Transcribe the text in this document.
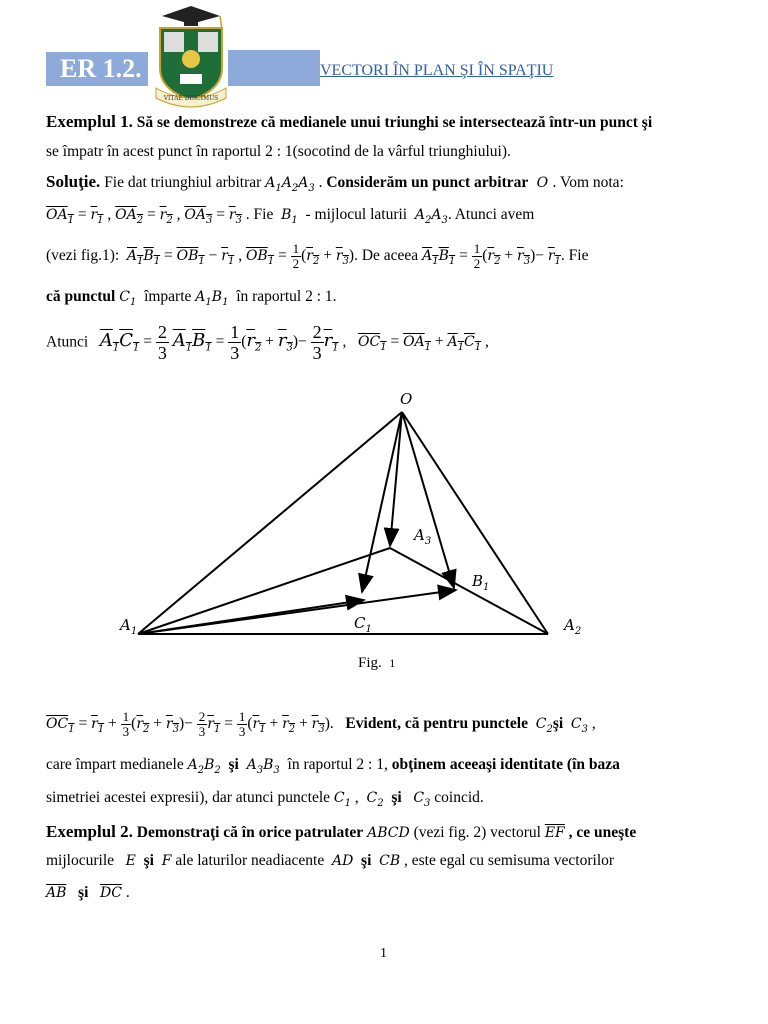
ER 1.2.	VECTORI ÎN PLAN ŞI ÎN SPAŢIU
VITAE DISCIMUS
Exemplul 1. Să se demonstreze că medianele unui triunghi se intersectează într-un punct şi
se împatr în acest punct în raportul 2 : 1(socotind de la vârful triunghiului).
Soluţie. Fie dat triunghiul arbitrar $A_1A_2A_3$ . Considerăm un punct arbitrar  O . Vom nota:
$OA_1 = r_1$ , $OA_2 = r_2$ , $OA_3 = r_3$ . Fie $B_1$ - mijlocul laturii $A_2A_3$. Atunci avem
(vezi fig.1): $A_1B_1 = OB_1 - r_1$ , $OB_1 = \frac{1}{2} (r_2 + r_3)$. De aceea $A_1B_1 = \frac{1}{2} (r_2 + r_3)- r_1$. Fie
că punctul $C_1$ împarte $A_1B_1$ în raportul 2 : 1.
Atunci $A_1C_1 = \frac{2}{3} A_1B_1 = \frac{1}{3} (r_2 + r_3)- \frac{2}{3} r_1$ ,   $OC_1 = OA_1 + A_1C_1$ ,
O
$A_3$
$B_1$
$A_1$	$A_2$
$C_1$
Fig. 1
$OC_1 = r_1 + \frac{1}{3} (r_2 + r_3)- \frac{2}{3} r_1 = \frac{1}{3} (r_1 + r_2 + r_3)$.   Evident, că pentru punctele $C_2şi$ $C_3$ ,
care împart medianele $A_2B_2$ şi $A_3B_3$ în raportul 2 : 1, obţinem aceeaşi identitate (în baza
simetriei acestei expresii), dar atunci punctele $C_1$ ,  $C_2$ şi $C_3$ coincid.
Exemplul 2. Demonstraţi că în orice patrulater ABCD (vezi fig. 2) vectorul $\overline{EF}$ , ce uneşte
mijlocurile E şi F ale laturilor neadiacente AD şi CB , este egal cu semisuma vectorilor
$\overline{AB}$ şi $\overline{DC}$ .
1
